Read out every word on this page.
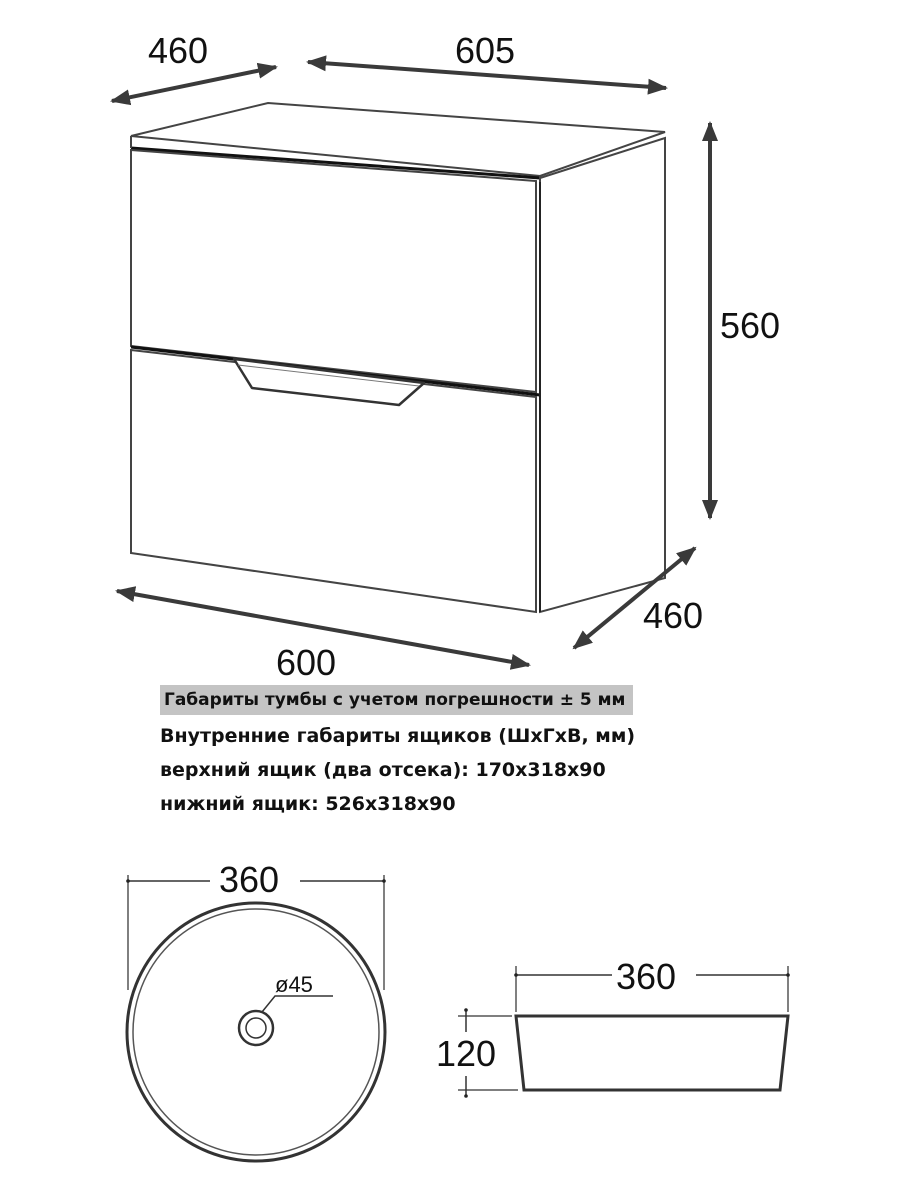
460	605
560
460
600
360
ø45	360
120
Габариты тумбы с учетом погрешности ± 5 мм
Внутренние габариты ящиков (ШхГхВ, мм)
верхний ящик (два отсека): 170х318х90
нижний ящик: 526х318х90
